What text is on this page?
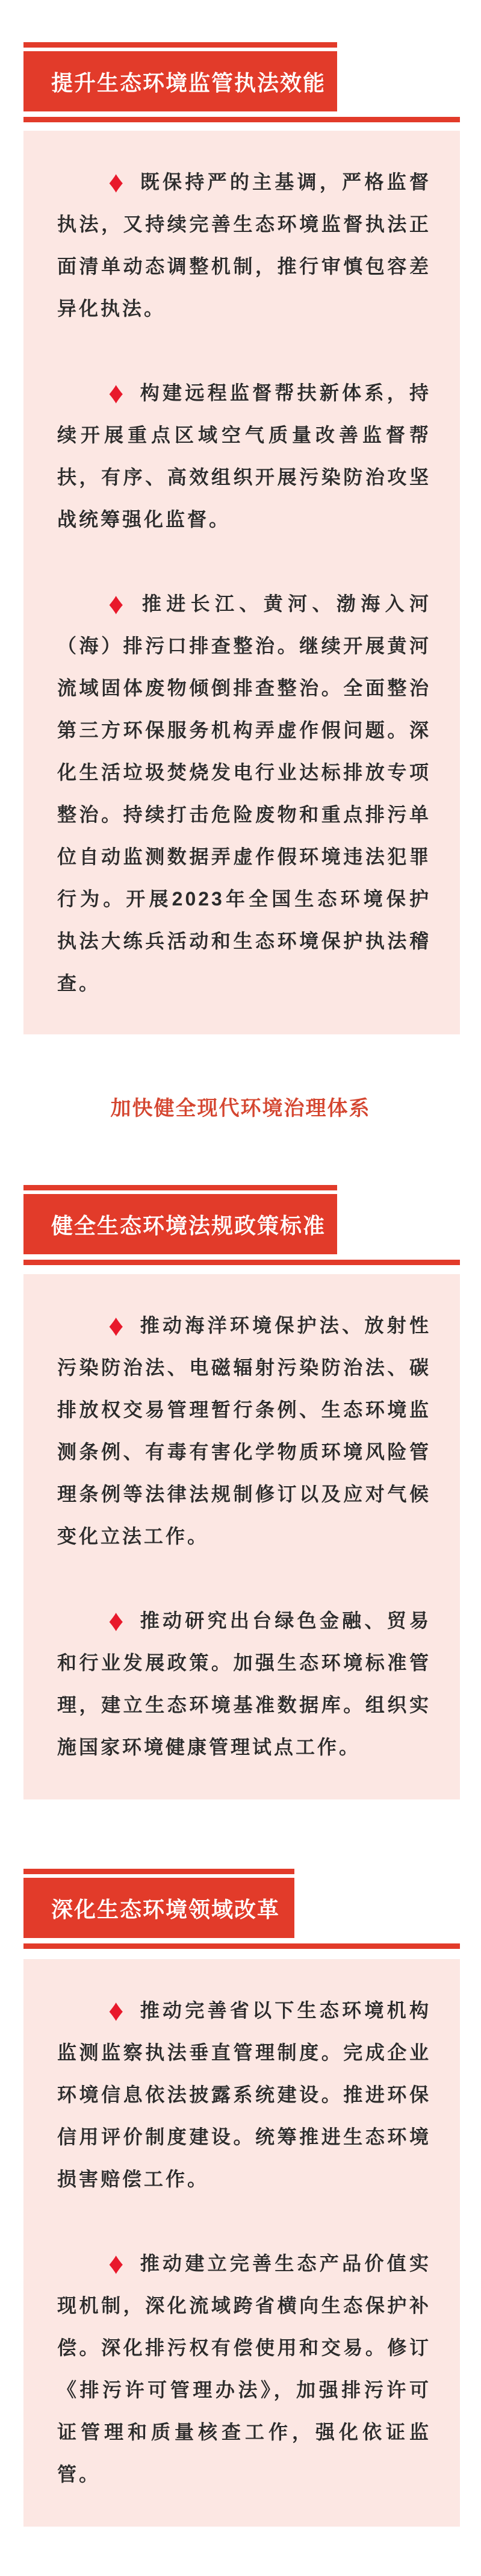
提升生态环境监管执法效能

♦ 既保持严的主基调，严格监督执法，又持续完善生态环境监督执法正面清单动态调整机制，推行审慎包容差异化执法。

♦ 构建远程监督帮扶新体系，持续开展重点区域空气质量改善监督帮扶，有序、高效组织开展污染防治攻坚战统筹强化监督。

♦ 推进长江、黄河、渤海入河（海）排污口排查整治。继续开展黄河流域固体废物倾倒排查整治。全面整治第三方环保服务机构弄虚作假问题。深化生活垃圾焚烧发电行业达标排放专项整治。持续打击危险废物和重点排污单位自动监测数据弄虚作假环境违法犯罪行为。开展2023年全国生态环境保护执法大练兵活动和生态环境保护执法稽查。

加快健全现代环境治理体系
健全生态环境法规政策标准

♦ 推动海洋环境保护法、放射性污染防治法、电磁辐射污染防治法、碳排放权交易管理暂行条例、生态环境监测条例、有毒有害化学物质环境风险管理条例等法律法规制修订以及应对气候变化立法工作。

♦ 推动研究出台绿色金融、贸易和行业发展政策。加强生态环境标准管理，建立生态环境基准数据库。组织实施国家环境健康管理试点工作。

深化生态环境领域改革

♦ 推动完善省以下生态环境机构监测监察执法垂直管理制度。完成企业环境信息依法披露系统建设。推进环保信用评价制度建设。统筹推进生态环境损害赔偿工作。

♦ 推动建立完善生态产品价值实现机制，深化流域跨省横向生态保护补偿。深化排污权有偿使用和交易。修订《排污许可管理办法》，加强排污许可证管理和质量核查工作，强化依证监管。
